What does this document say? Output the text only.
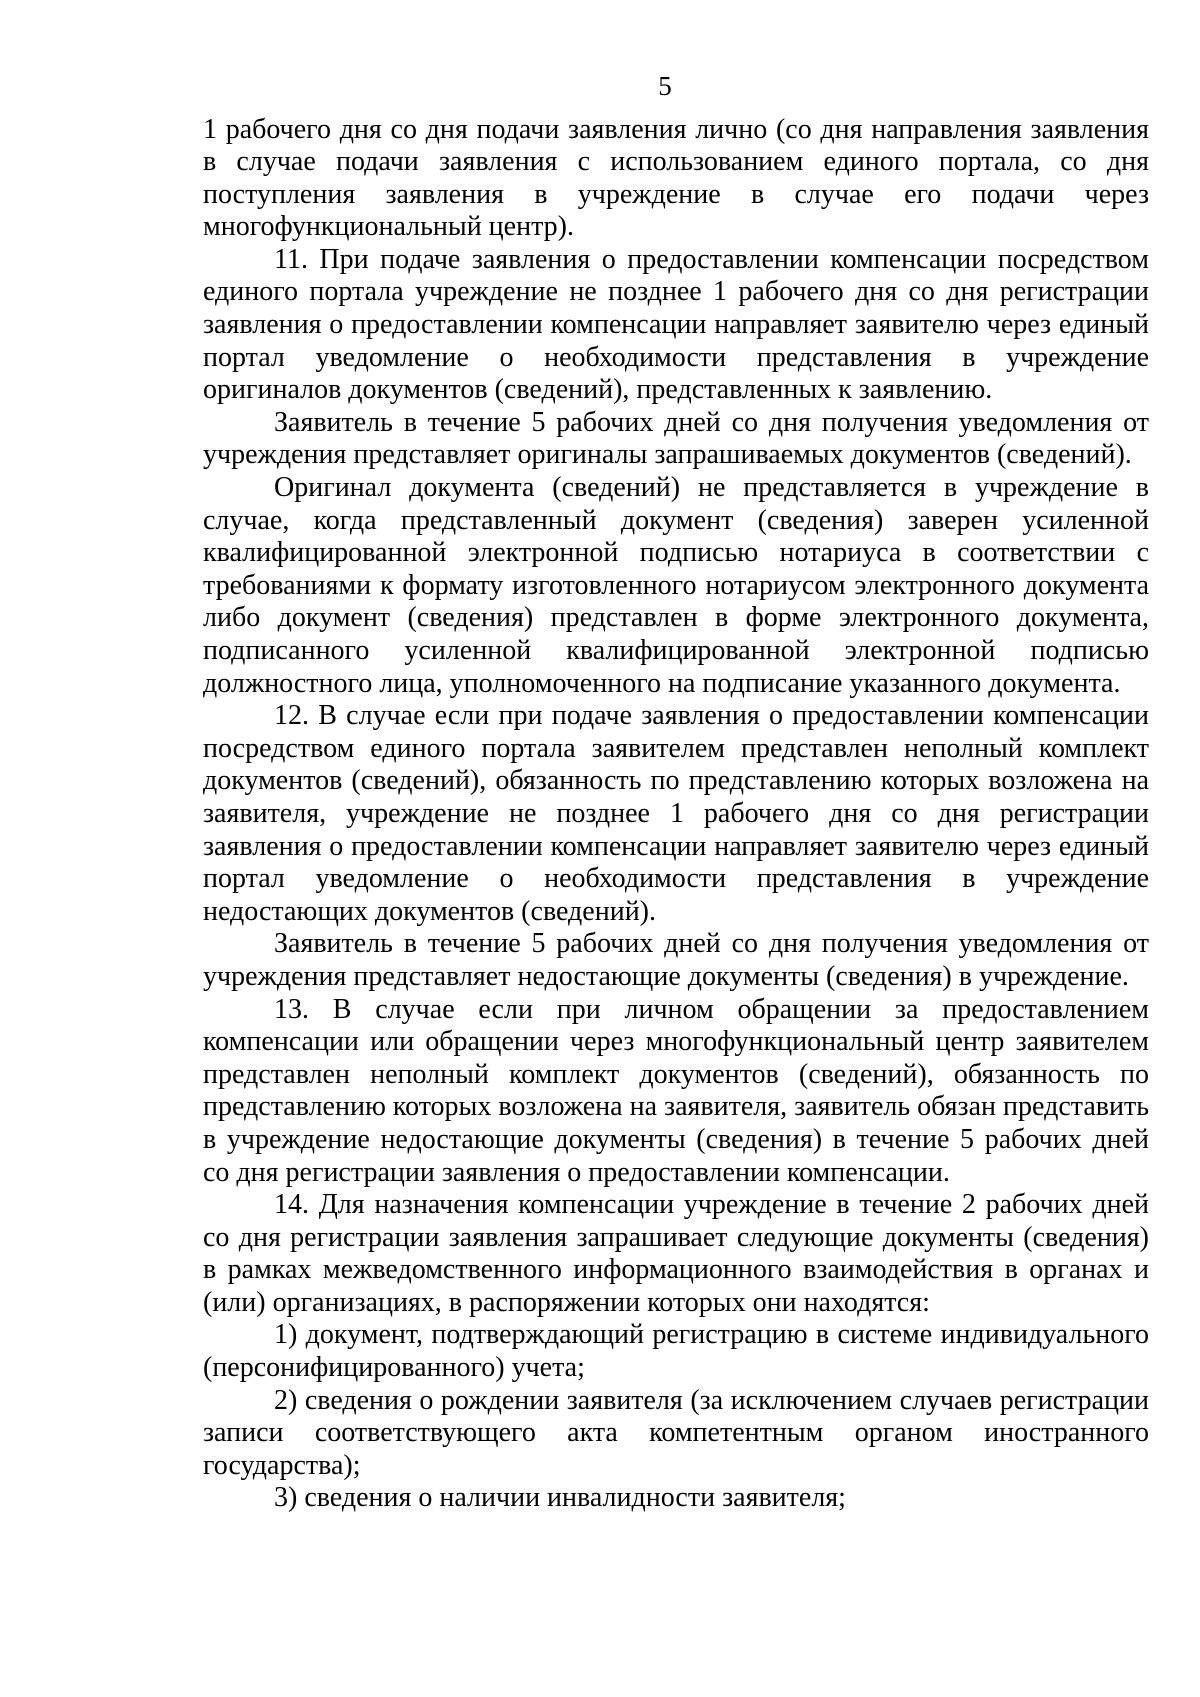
5

1 рабочего дня со дня подачи заявления лично (со дня направления заявления в случае подачи заявления с использованием единого портала, со дня поступления заявления в учреждение в случае его подачи через многофункциональный центр).

11. При подаче заявления о предоставлении компенсации посредством единого портала учреждение не позднее 1 рабочего дня со дня регистрации заявления о предоставлении компенсации направляет заявителю через единый портал уведомление о необходимости представления в учреждение оригиналов документов (сведений), представленных к заявлению.

Заявитель в течение 5 рабочих дней со дня получения уведомления от учреждения представляет оригиналы запрашиваемых документов (сведений).

Оригинал документа (сведений) не представляется в учреждение в случае, когда представленный документ (сведения) заверен усиленной квалифицированной электронной подписью нотариуса в соответствии с требованиями к формату изготовленного нотариусом электронного документа либо документ (сведения) представлен в форме электронного документа, подписанного усиленной квалифицированной электронной подписью должностного лица, уполномоченного на подписание указанного документа.

12. В случае если при подаче заявления о предоставлении компенсации посредством единого портала заявителем представлен неполный комплект документов (сведений), обязанность по представлению которых возложена на заявителя, учреждение не позднее 1 рабочего дня со дня регистрации заявления о предоставлении компенсации направляет заявителю через единый портал уведомление о необходимости представления в учреждение недостающих документов (сведений).

Заявитель в течение 5 рабочих дней со дня получения уведомления от учреждения представляет недостающие документы (сведения) в учреждение.

13. В случае если при личном обращении за предоставлением компенсации или обращении через многофункциональный центр заявителем представлен неполный комплект документов (сведений), обязанность по представлению которых возложена на заявителя, заявитель обязан представить в учреждение недостающие документы (сведения) в течение 5 рабочих дней со дня регистрации заявления о предоставлении компенсации.

14. Для назначения компенсации учреждение в течение 2 рабочих дней со дня регистрации заявления запрашивает следующие документы (сведения) в рамках межведомственного информационного взаимодействия в органах и (или) организациях, в распоряжении которых они находятся:

1) документ, подтверждающий регистрацию в системе индивидуального (персонифицированного) учета;

2) сведения о рождении заявителя (за исключением случаев регистрации записи соответствующего акта компетентным органом иностранного государства);

3) сведения о наличии инвалидности заявителя;
